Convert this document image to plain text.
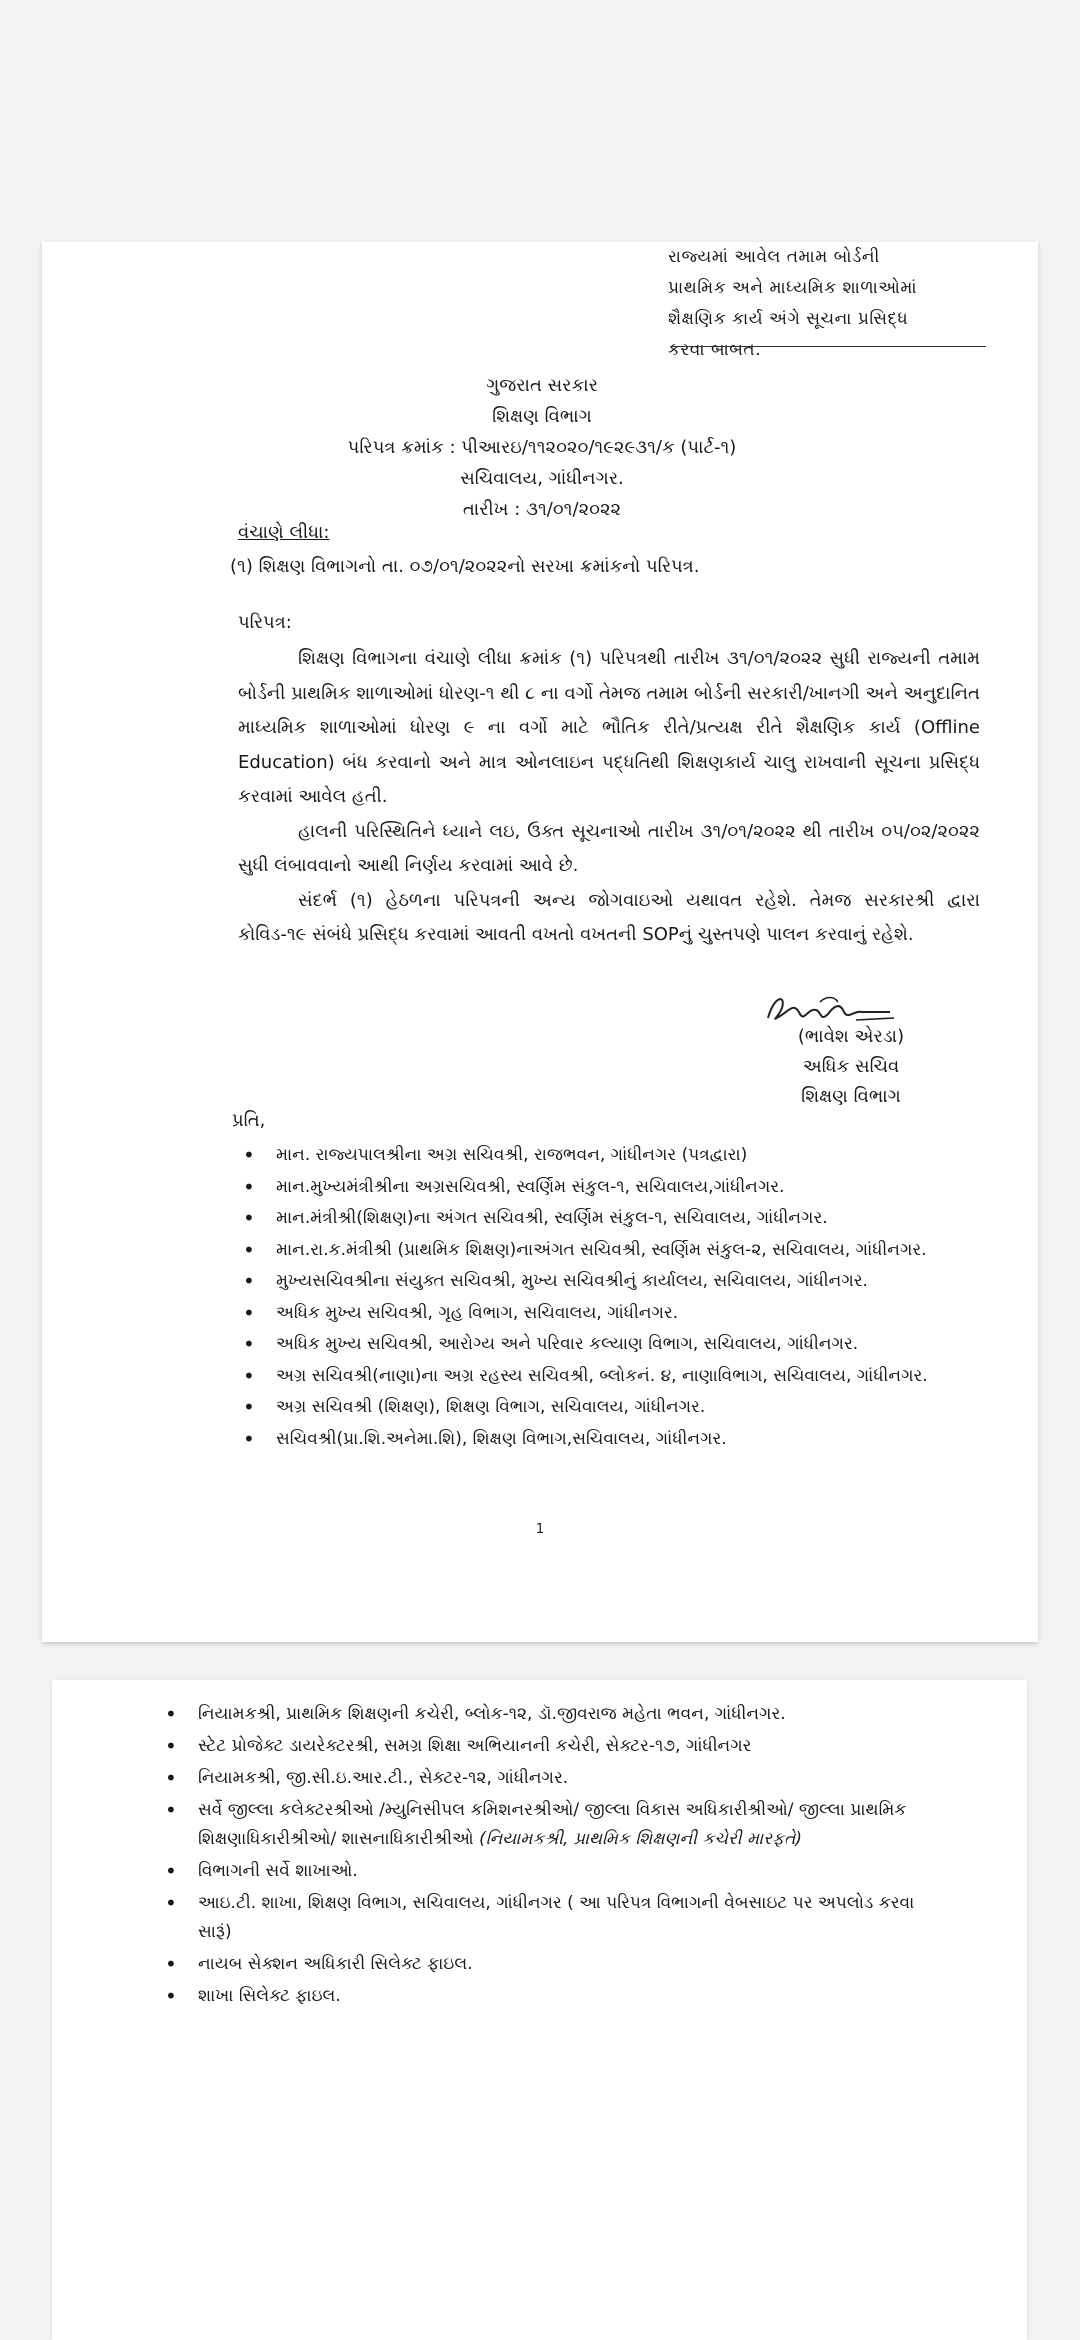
રાજ્યમાં આવેલ તમામ બોર્ડની
પ્રાથમિક અને માધ્યમિક શાળાઓમાં
શૈક્ષણિક કાર્ય અંગે સૂચના પ્રસિદ્ધ
કરવા બાબત.
ગુજરાત સરકાર
શિક્ષણ વિભાગ
પરિપત્ર ક્રમાંક : પીઆરઇ/૧૧૨૦૨૦/૧૯૨૯૩૧/ક (પાર્ટ-૧)
સચિવાલય, ગાંધીનગર.
તારીખ : ૩૧/૦૧/૨૦૨૨
વંચાણે લીધા:
(૧) શિક્ષણ વિભાગનો તા. ૦૭/૦૧/૨૦૨૨નો સરખા ક્રમાંકનો પરિપત્ર.
પરિપત્ર:

શિક્ષણ વિભાગના વંચાણે લીધા ક્રમાંક (૧) પરિપત્રથી તારીખ ૩૧/૦૧/૨૦૨૨ સુધી રાજ્યની તમામ બોર્ડની પ્રાથમિક શાળાઓમાં ધોરણ-૧ થી ૮ ના વર્ગો તેમજ તમામ બોર્ડની સરકારી/ખાનગી અને અનુદાનિત માધ્યમિક શાળાઓમાં ધોરણ ૯ ના વર્ગો માટે ભૌતિક રીતે/પ્રત્યક્ષ રીતે શૈક્ષણિક કાર્ય (Offline Education) બંધ કરવાનો અને માત્ર ઓનલાઇન પદ્ધતિથી શિક્ષણકાર્ય ચાલુ રાખવાની સૂચના પ્રસિદ્ધ કરવામાં આવેલ હતી.

હાલની પરિસ્થિતિને ધ્યાને લઇ, ઉક્ત સૂચનાઓ તારીખ ૩૧/૦૧/૨૦૨૨ થી તારીખ ૦૫/૦૨/૨૦૨૨ સુધી લંબાવવાનો આથી નિર્ણય કરવામાં આવે છે.

સંદર્ભ (૧) હેઠળના પરિપત્રની અન્ય જોગવાઇઓ યથાવત રહેશે. તેમજ સરકારશ્રી દ્વારા કોવિડ-૧૯ સંબંધે પ્રસિદ્ધ કરવામાં આવતી વખતો વખતની SOPનું ચુસ્તપણે પાલન કરવાનું રહેશે.

(ભાવેશ એરડા)
અધિક સચિવ
શિક્ષણ વિભાગ
પ્રતિ,
• માન. રાજ્યપાલશ્રીના અગ્ર સચિવશ્રી, રાજભવન, ગાંધીનગર (પત્રદ્વારા)
• માન.મુખ્યમંત્રીશ્રીના અગ્રસચિવશ્રી, સ્વર્ણિમ સંકુલ-૧, સચિવાલય,ગાંધીનગર.
• માન.મંત્રીશ્રી(શિક્ષણ)ના અંગત સચિવશ્રી, સ્વર્ણિમ સંકુલ-૧, સચિવાલય, ગાંધીનગર.
• માન.રા.ક.મંત્રીશ્રી (પ્રાથમિક શિક્ષણ)નાઅંગત સચિવશ્રી, સ્વર્ણિમ સંકુલ-૨, સચિવાલય, ગાંધીનગર.
• મુખ્યસચિવશ્રીના સંયુક્ત સચિવશ્રી, મુખ્ય સચિવશ્રીનું કાર્યાલય, સચિવાલય, ગાંધીનગર.
• અધિક મુખ્ય સચિવશ્રી, ગૃહ વિભાગ, સચિવાલય, ગાંધીનગર.
• અધિક મુખ્ય સચિવશ્રી, આરોગ્ય અને પરિવાર કલ્યાણ વિભાગ, સચિવાલય, ગાંધીનગર.
• અગ્ર સચિવશ્રી(નાણા)ના અગ્ર રહસ્ય સચિવશ્રી, બ્લોકનં. ૪, નાણાવિભાગ, સચિવાલય, ગાંધીનગર.
• અગ્ર સચિવશ્રી (શિક્ષણ), શિક્ષણ વિભાગ, સચિવાલય, ગાંધીનગર.
• સચિવશ્રી(પ્રા.શિ.અનેમા.શિ), શિક્ષણ વિભાગ,સચિવાલય, ગાંધીનગર.
1
• નિયામકશ્રી, પ્રાથમિક શિક્ષણની કચેરી, બ્લોક-૧૨, ડૉ.જીવરાજ મહેતા ભવન, ગાંધીનગર.
• સ્ટેટ પ્રોજેક્ટ ડાયરેક્ટરશ્રી, સમગ્ર શિક્ષા અભિયાનની કચેરી, સેક્ટર-૧૭, ગાંધીનગર
• નિયામકશ્રી, જી.સી.ઇ.આર.ટી., સેક્ટર-૧૨, ગાંધીનગર.
• સર્વે જીલ્લા કલેક્ટરશ્રીઓ /મ્યુનિસીપલ કમિશનરશ્રીઓ/ જીલ્લા વિકાસ અધિકારીશ્રીઓ/ જીલ્લા પ્રાથમિક શિક્ષણાધિકારીશ્રીઓ/ શાસનાધિકારીશ્રીઓ (નિયામકશ્રી, પ્રાથમિક શિક્ષણની કચેરી મારફતે)
• વિભાગની સર્વે શાખાઓ.
• આઇ.ટી. શાખા, શિક્ષણ વિભાગ, સચિવાલય, ગાંધીનગર ( આ પરિપત્ર વિભાગની વેબસાઇટ પર અપલોડ કરવા સારૂં)
• નાયબ સેક્શન અધિકારી સિલેક્ટ ફાઇલ.
• શાખા સિલેક્ટ ફાઇલ.
